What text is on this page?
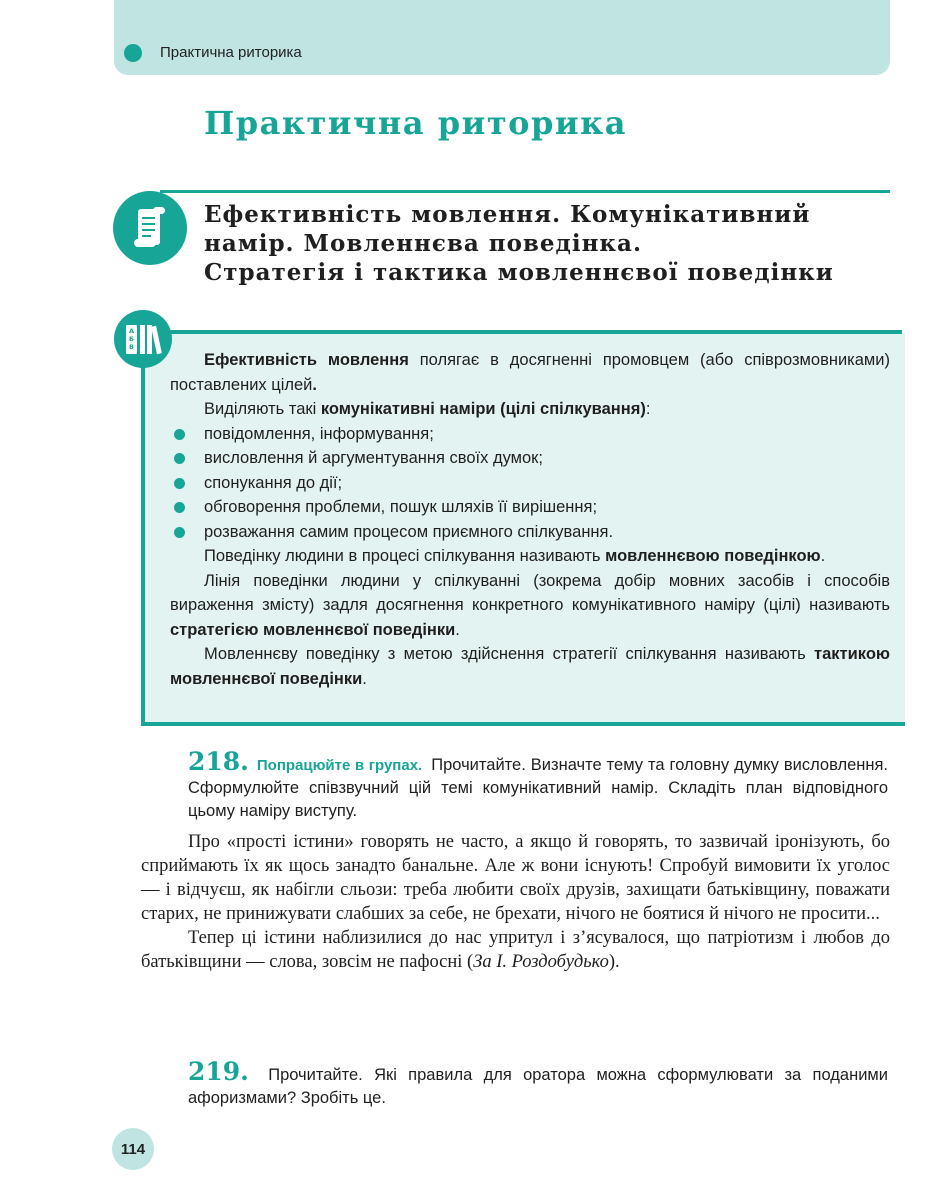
Практична риторика
Практична риторика
Ефективність мовлення. Комунікативний
намір. Мовленнєва поведінка.
Стратегія і тактика мовленнєвої поведінки
А
Б
В
Ефективність мовлення полягає в досягненні промовцем (або співрозмовниками) поставлених цілей.
Виділяють такі комунікативні наміри (цілі спілкування):
повідомлення, інформування;
висловлення й аргументування своїх думок;
спонукання до дії;
обговорення проблеми, пошук шляхів її вирішення;
розважання самим процесом приємного спілкування.
Поведінку людини в процесі спілкування називають мовленнєвою поведінкою.
Лінія поведінки людини у спілкуванні (зокрема добір мовних засобів і способів вираження змісту) задля досягнення конкретного комунікативного наміру (цілі) називають стратегією мовленнєвої поведінки.
Мовленнєву поведінку з метою здійснення стратегії спілкування називають тактикою мовленнєвої поведінки.
218. Попрацюйте в групах. Прочитайте. Визначте тему та головну думку висловлення. Сформулюйте співзвучний цій темі комунікативний намір. Складіть план відповідного цьому наміру виступу.
Про «прості істини» говорять не часто, а якщо й говорять, то зазвичай іронізують, бо сприймають їх як щось занадто банальне. Але ж вони існують! Спробуй вимовити їх уголос — і відчуєш, як набігли сльози: треба любити своїх друзів, захищати батьківщину, поважати старих, не принижувати слабших за себе, не брехати, нічого не боятися й нічого не просити...
Тепер ці істини наблизилися до нас упритул і з’ясувалося, що патріотизм і любов до батьківщини — слова, зовсім не пафосні (За І. Роздобудько).
219. Прочитайте. Які правила для оратора можна сформулювати за поданими афоризмами? Зробіть це.
114
